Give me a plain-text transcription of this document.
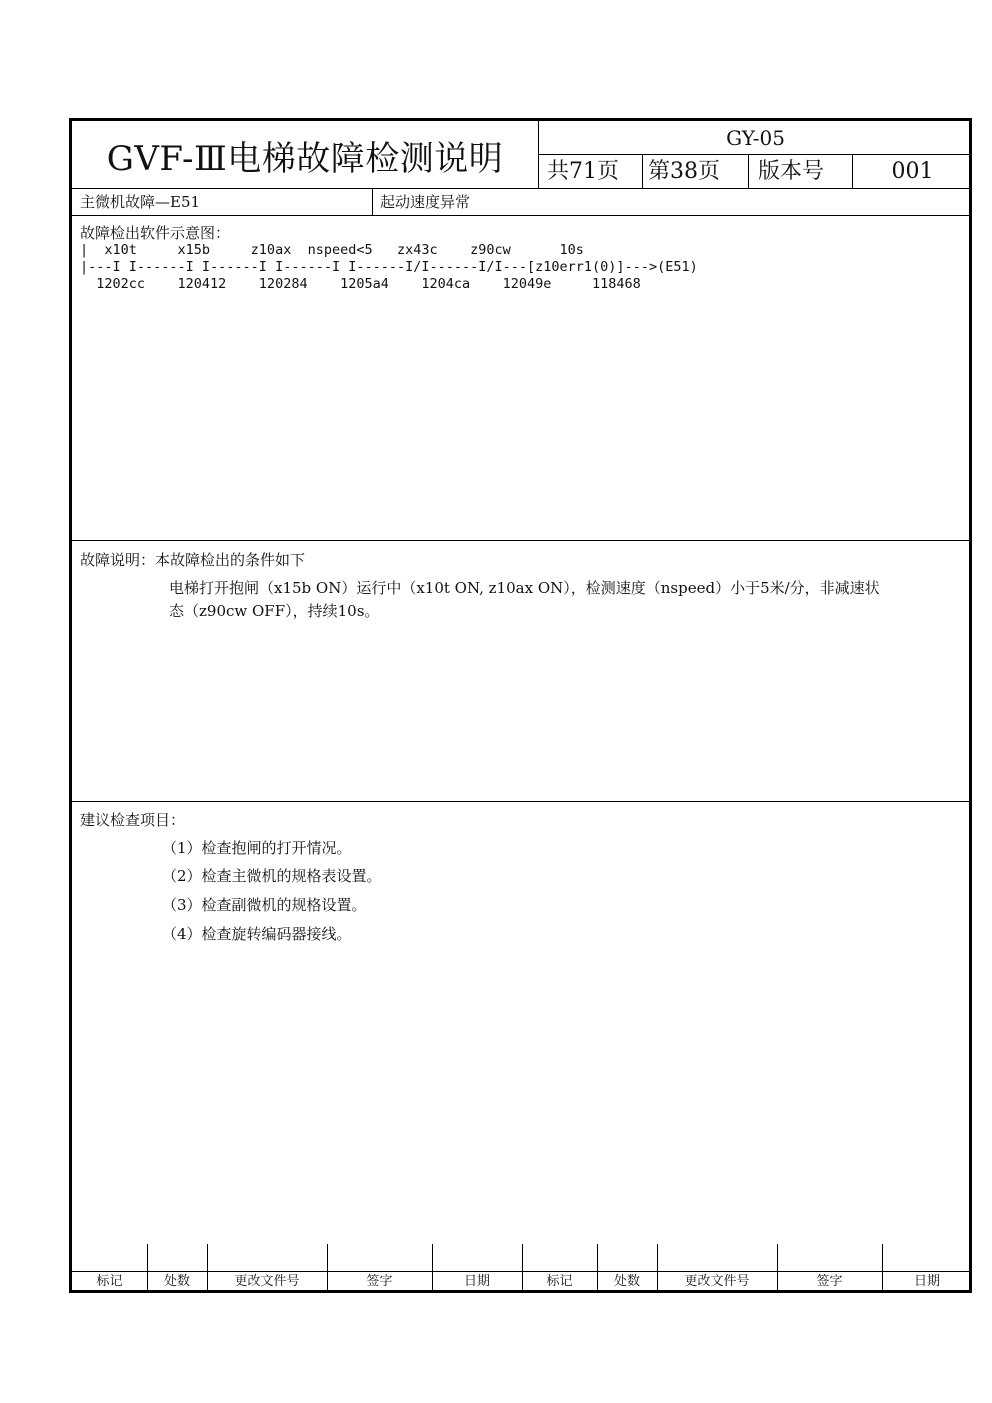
GVF-Ⅲ电梯故障检测说明
GY-05
共71页	第38页	版本号	001
主微机故障—E51	起动速度异常
故障检出软件示意图：
|  x10t     x15b     z10ax  nspeed<5   zx43c    z90cw      10s
|---I I------I I------I I------I I------I/I------I/I---[z10err1(0)]--->(E51)
1202cc    120412    120284    1205a4    1204ca    12049e     118468
故障说明：本故障检出的条件如下
电梯打开抱闸（x15b ON）运行中（x10t ON, z10ax ON），检测速度（nspeed）小于5米/分，非减速状
态（z90cw OFF），持续10s。
建议检查项目：
（1）检查抱闸的打开情况。
（2）检查主微机的规格表设置。
（3）检查副微机的规格设置。
（4）检查旋转编码器接线。
标记	处数	更改文件号	签字	日期	标记	处数	更改文件号	签字	日期
